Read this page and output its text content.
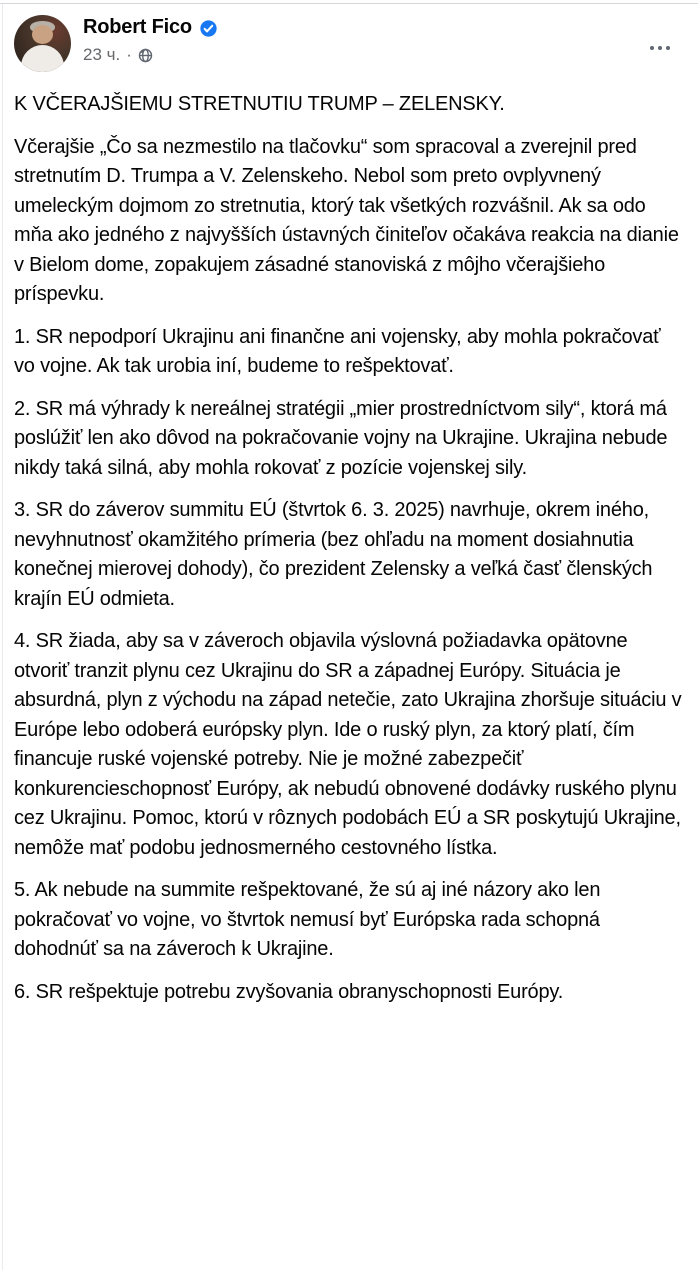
Robert Fico
23 ч. ·

K VČERAJŠIEMU STRETNUTIU TRUMP – ZELENSKY.

Včerajšie „Čo sa nezmestilo na tlačovku“ som spracoval a zverejnil pred stretnutím D. Trumpa a V. Zelenskeho. Nebol som preto ovplyvnený umeleckým dojmom zo stretnutia, ktorý tak všetkých rozvášnil. Ak sa odo mňa ako jedného z najvyšších ústavných činiteľov očakáva reakcia na dianie v Bielom dome, zopakujem zásadné stanoviská z môjho včerajšieho príspevku.

1. SR nepodporí Ukrajinu ani finančne ani vojensky, aby mohla pokračovať vo vojne. Ak tak urobia iní, budeme to rešpektovať.

2. SR má výhrady k nereálnej stratégii „mier prostredníctvom sily“, ktorá má poslúžiť len ako dôvod na pokračovanie vojny na Ukrajine. Ukrajina nebude nikdy taká silná, aby mohla rokovať z pozície vojenskej sily.

3. SR do záverov summitu EÚ (štvrtok 6. 3. 2025) navrhuje, okrem iného, nevyhnutnosť okamžitého prímeria (bez ohľadu na moment dosiahnutia konečnej mierovej dohody), čo prezident Zelensky a veľká časť členských krajín EÚ odmieta.

4. SR žiada, aby sa v záveroch objavila výslovná požiadavka opätovne otvoriť tranzit plynu cez Ukrajinu do SR a západnej Európy. Situácia je absurdná, plyn z východu na západ netečie, zato Ukrajina zhoršuje situáciu v Európe lebo odoberá európsky plyn. Ide o ruský plyn, za ktorý platí, čím financuje ruské vojenské potreby. Nie je možné zabezpečiť konkurencieschopnosť Európy, ak nebudú obnovené dodávky ruského plynu cez Ukrajinu. Pomoc, ktorú v rôznych podobách EÚ a SR poskytujú Ukrajine, nemôže mať podobu jednosmerného cestovného lístka.

5. Ak nebude na summite rešpektované, že sú aj iné názory ako len pokračovať vo vojne, vo štvrtok nemusí byť Európska rada schopná dohodnúť sa na záveroch k Ukrajine.

6. SR rešpektuje potrebu zvyšovania obranyschopnosti Európy.
